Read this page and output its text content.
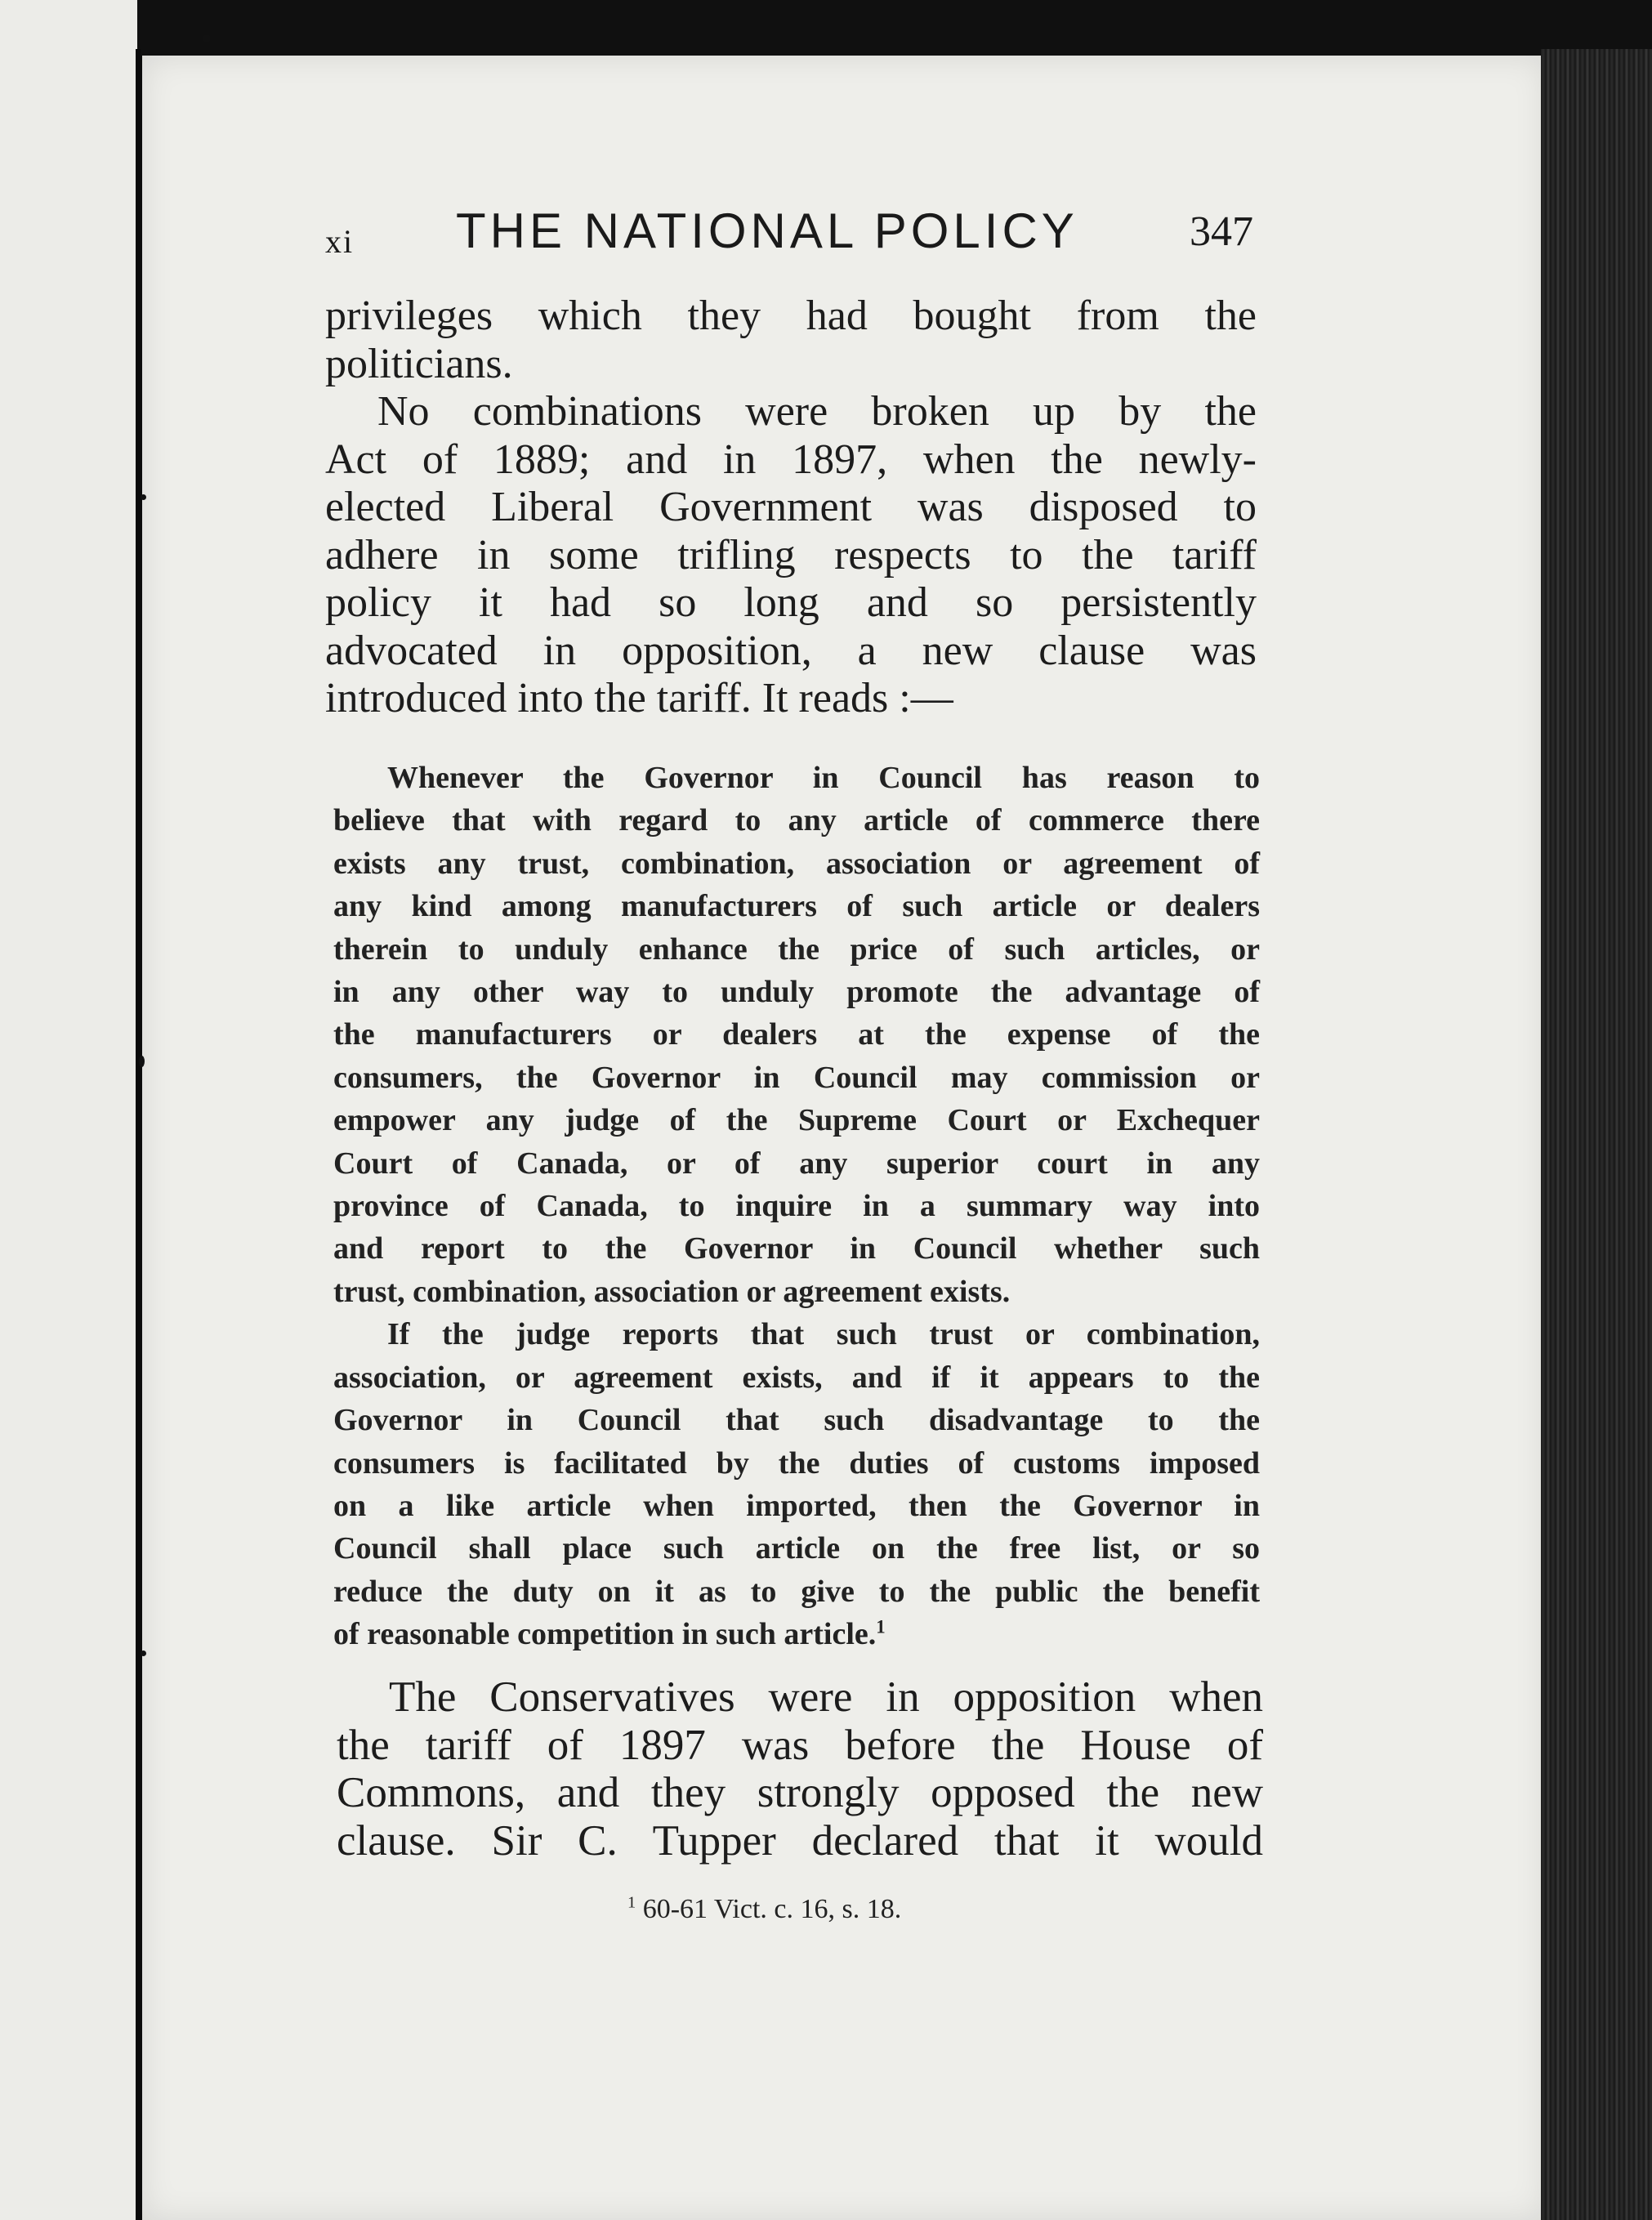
xi THE NATIONAL POLICY	347
privileges which they had bought from the
politicians.
No combinations were broken up by the
Act of 1889; and in 1897, when the newly-
elected Liberal Government was disposed to
adhere in some trifling respects to the tariff
policy it had so long and so persistently
advocated in opposition, a new clause was
introduced into the tariff. It reads :—
Whenever the Governor in Council has reason to
believe that with regard to any article of commerce there
exists any trust, combination, association or agreement of
any kind among manufacturers of such article or dealers
therein to unduly enhance the price of such articles, or
in any other way to unduly promote the advantage of
the manufacturers or dealers at the expense of the
consumers, the Governor in Council may commission or
empower any judge of the Supreme Court or Exchequer
Court of Canada, or of any superior court in any
province of Canada, to inquire in a summary way into
and report to the Governor in Council whether such
trust, combination, association or agreement exists.
If the judge reports that such trust or combination,
association, or agreement exists, and if it appears to the
Governor in Council that such disadvantage to the
consumers is facilitated by the duties of customs imposed
on a like article when imported, then the Governor in
Council shall place such article on the free list, or so
reduce the duty on it as to give to the public the benefit
of reasonable competition in such article.$^1$
The Conservatives were in opposition when
the tariff of 1897 was before the House of
Commons, and they strongly opposed the new
clause. Sir C. Tupper declared that it would
$^1$ 60-61 Vict. c. 16, s. 18.
